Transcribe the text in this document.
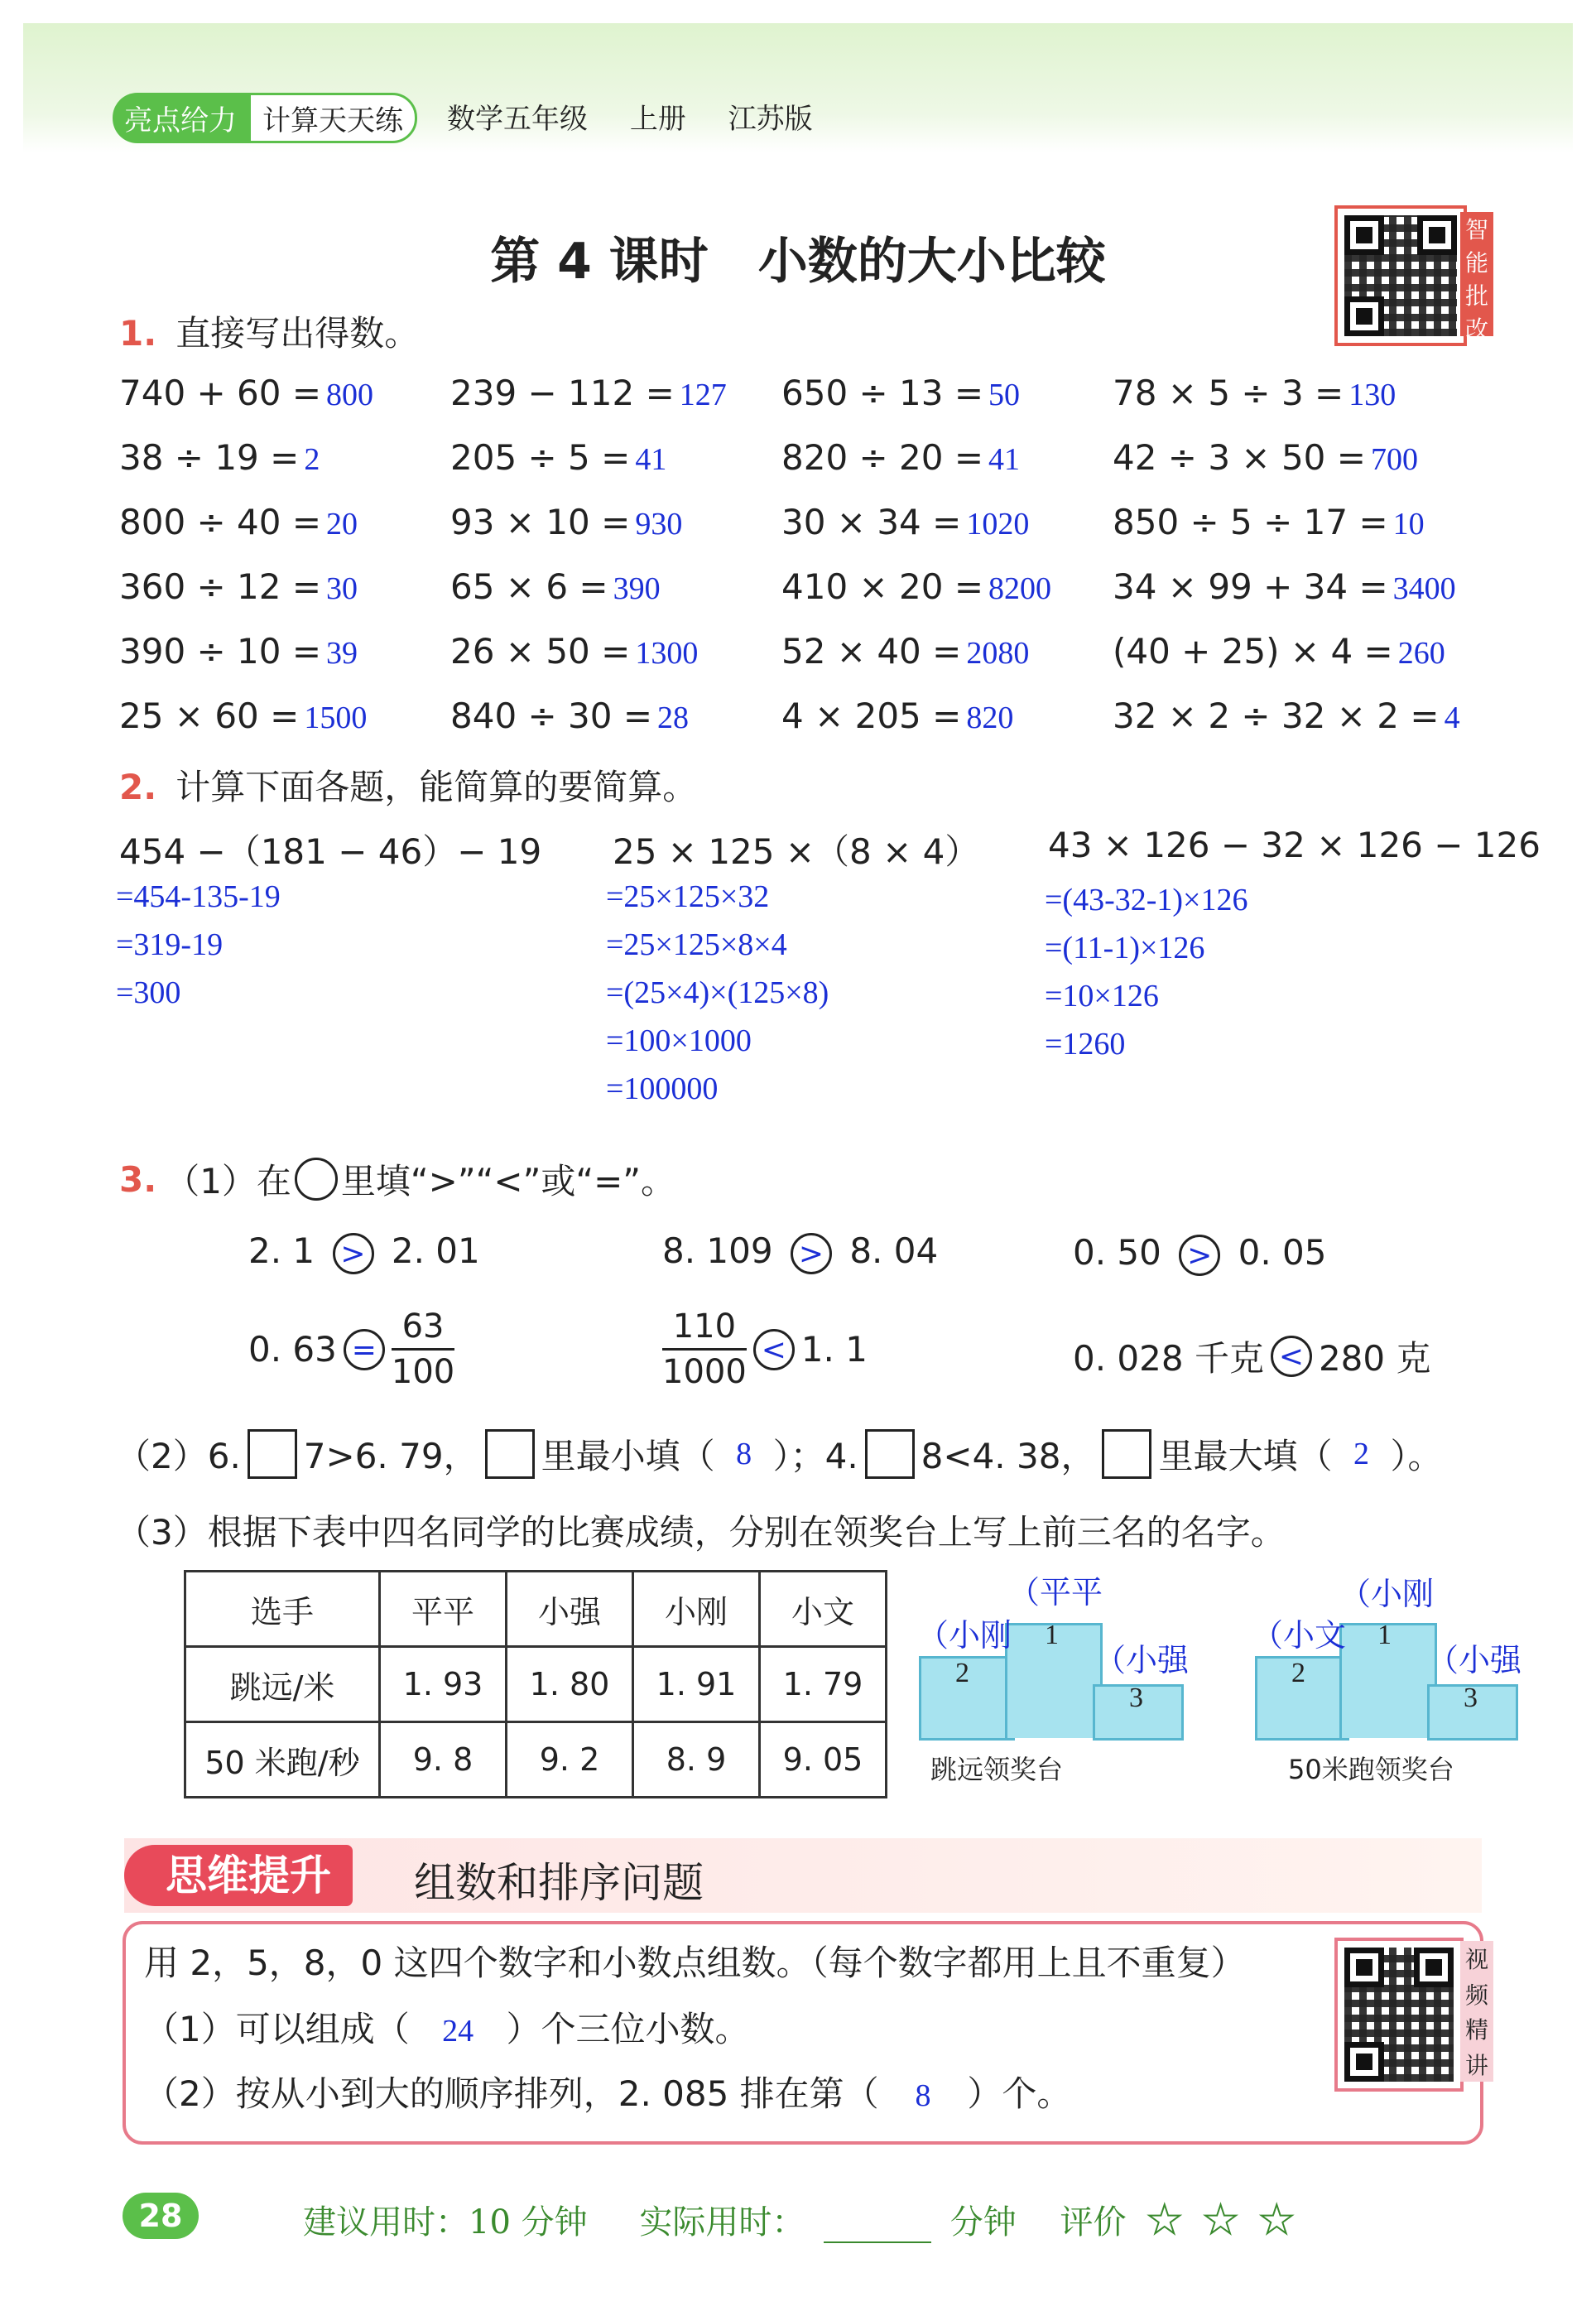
亮点给力 计算天天练	数学五年级 上册 江苏版
第 4 课时　小数的大小比较
智
能
批
改
1. 直接写出得数。
740 + 60 = 800 239 − 112 = 127 650 ÷ 13 = 50	78 × 5 ÷ 3 = 130
38 ÷ 19 = 2	205 ÷ 5 = 41	820 ÷ 20 = 41	42 ÷ 3 × 50 = 700
800 ÷ 40 = 20	93 × 10 = 930	30 × 34 = 1020 850 ÷ 5 ÷ 17 = 10
360 ÷ 12 = 30	65 × 6 = 390	410 × 20 = 8200 34 × 99 + 34 = 3400
390 ÷ 10 = 39	26 × 50 = 1300 52 × 40 = 2080 (40 + 25) × 4 = 260
25 × 60 = 1500 840 ÷ 30 = 28	4 × 205 = 820	32 × 2 ÷ 32 × 2 = 4
2. 计算下面各题，能简算的要简算。
454 −（181 − 46）− 19
=454-135-19
=319-19
=300
25 × 125 ×（8 × 4）
=25×125×32
=25×125×8×4
=(25×4)×(125×8)
=100×1000
=100000
43 × 126 − 32 × 126 − 126
=(43-32-1)×126
=(11-1)×126
=10×126
=1260
3. （1）在 里填“>”“<”或“=”。
2. 1 > 2. 01	8. 109 > 8. 04	0. 50 > 0. 05
0. $63 = \frac{63}{100}$	$\frac{110}{1000} < 1$. 1	0. 028 千克 < 280 克
（2）6. 7>6. 79， 里最小填（ 8 ）；4. 8<4. 38， 里最大填（ 2 ）。
（3）根据下表中四名同学的比赛成绩，分别在领奖台上写上前三名的名字。
选手	平平	小强	小刚	小文
跳远/米	1. 93	1. 80	1. 91	1. 79
50 米跑/秒	9. 8	9. 2	8. 9	9. 05
（平平
（小刚
（小强
1
2
3
跳远领奖台
（小刚
（小文
（小强
1
2
3
50米跑领奖台
思维提升	组数和排序问题
用 2，5，8，0 这四个数字和小数点组数。（每个数字都用上且不重复）
（1）可以组成（ 24 ）个三位小数。
（2）按从小到大的顺序排列，2. 085 排在第（ 8 ）个。
视
频
精
讲
28	建议用时：10 分钟 实际用时：	分钟 评价 ★ ★ ★
